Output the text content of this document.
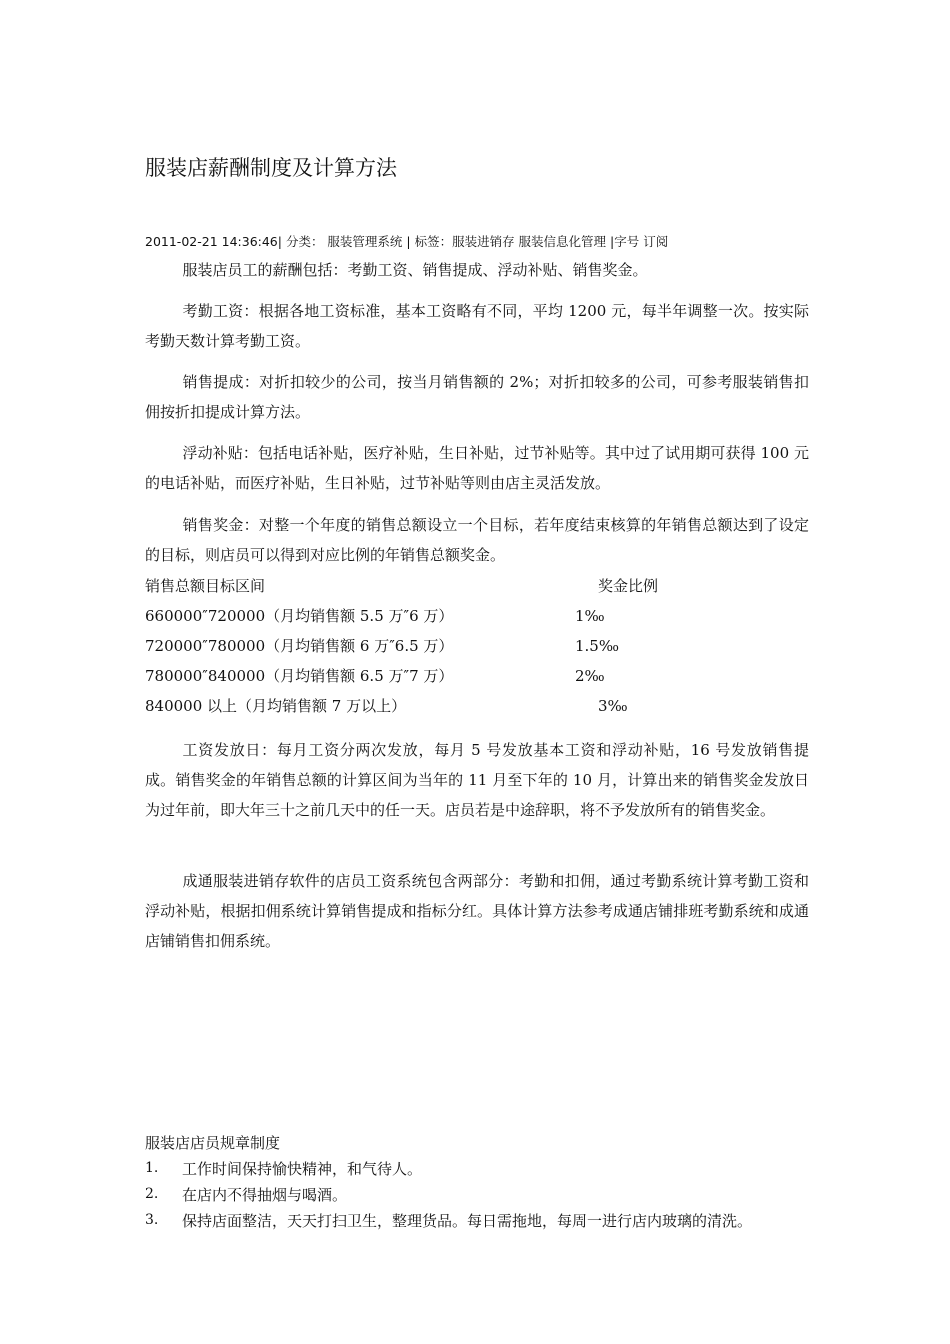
服装店薪酬制度及计算方法
2011-02-21 14:36:46| 分类： 服装管理系统 | 标签：服装进销存 服装信息化管理 |字号 订阅

服装店员工的薪酬包括：考勤工资、销售提成、浮动补贴、销售奖金。

考勤工资：根据各地工资标准，基本工资略有不同，平均 1200 元，每半年调整一次。按实际考勤天数计算考勤工资。

销售提成：对折扣较少的公司，按当月销售额的 2%；对折扣较多的公司，可参考服装销售扣佣按折扣提成计算方法。

浮动补贴：包括电话补贴，医疗补贴，生日补贴，过节补贴等。其中过了试用期可获得 100 元的电话补贴，而医疗补贴，生日补贴，过节补贴等则由店主灵活发放。

销售奖金：对整一个年度的销售总额设立一个目标，若年度结束核算的年销售总额达到了设定的目标，则店员可以得到对应比例的年销售总额奖金。

销售总额目标区间	奖金比例
660000″720000（月均销售额 5.5 万″6 万）	1‰
720000″780000（月均销售额 6 万″6.5 万）	1.5‰
780000″840000（月均销售额 6.5 万″7 万）	2‰
840000 以上（月均销售额 7 万以上）	3‰

工资发放日：每月工资分两次发放，每月 5 号发放基本工资和浮动补贴，16 号发放销售提成。销售奖金的年销售总额的计算区间为当年的 11 月至下年的 10 月，计算出来的销售奖金发放日为过年前，即大年三十之前几天中的任一天。店员若是中途辞职，将不予发放所有的销售奖金。

成通服装进销存软件的店员工资系统包含两部分：考勤和扣佣，通过考勤系统计算考勤工资和浮动补贴，根据扣佣系统计算销售提成和指标分红。具体计算方法参考成通店铺排班考勤系统和成通店铺销售扣佣系统。

服装店店员规章制度
1. 工作时间保持愉快精神，和气待人。
2. 在店内不得抽烟与喝酒。
3. 保持店面整洁，天天打扫卫生，整理货品。每日需拖地，每周一进行店内玻璃的清洗。
